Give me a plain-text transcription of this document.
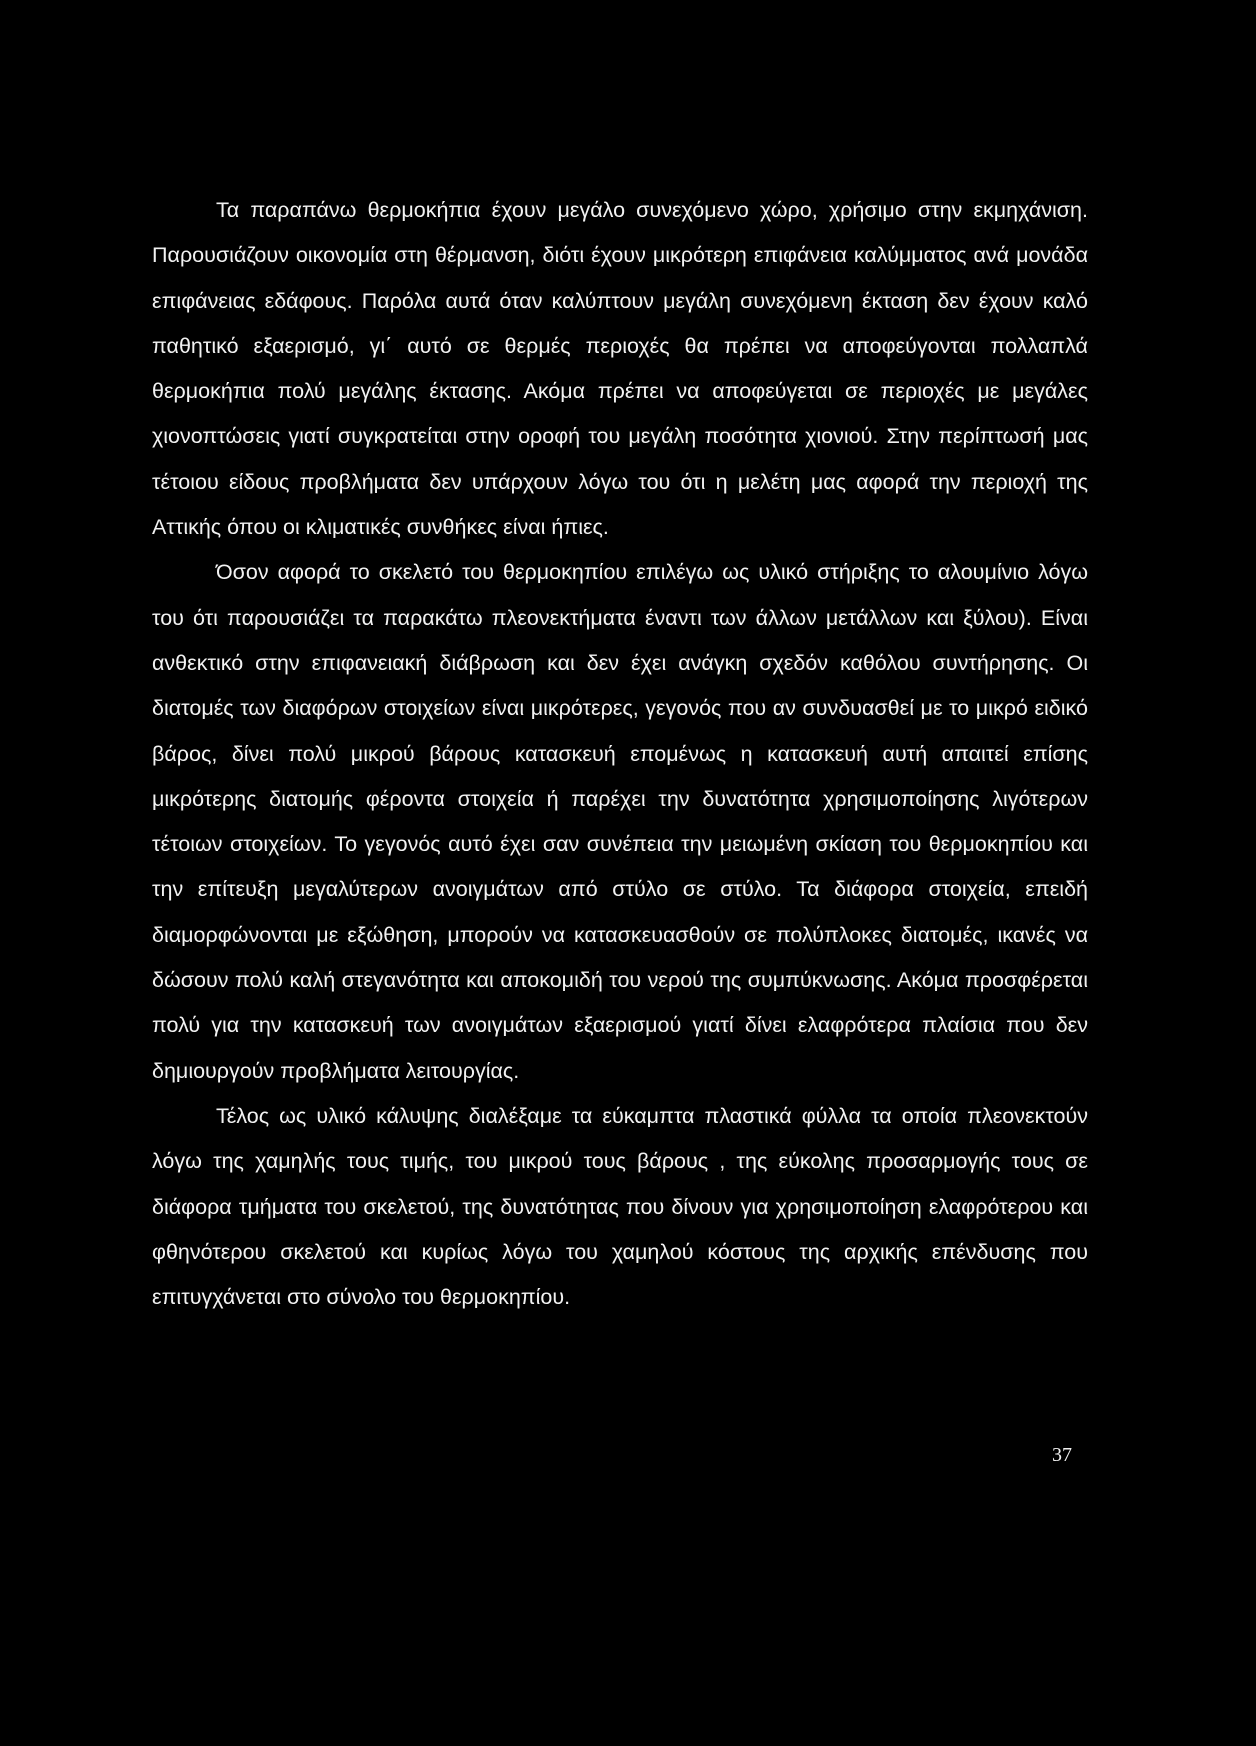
Τα παραπάνω θερμοκήπια έχουν μεγάλο συνεχόμενο χώρο, χρήσιμο στην εκμηχάνιση. Παρουσιάζουν οικονομία στη θέρμανση, διότι έχουν μικρότερη επιφάνεια καλύμματος ανά μονάδα επιφάνειας εδάφους. Παρόλα αυτά όταν καλύπτουν μεγάλη συνεχόμενη έκταση δεν έχουν καλό παθητικό εξαερισμό, γι΄ αυτό σε θερμές περιοχές θα πρέπει να αποφεύγονται πολλαπλά θερμοκήπια πολύ μεγάλης έκτασης. Ακόμα πρέπει να αποφεύγεται σε περιοχές με μεγάλες χιονοπτώσεις γιατί συγκρατείται στην οροφή του μεγάλη ποσότητα χιονιού. Στην περίπτωσή μας τέτοιου είδους προβλήματα δεν υπάρχουν λόγω του ότι η μελέτη μας αφορά την περιοχή της Αττικής όπου οι κλιματικές συνθήκες είναι ήπιες.

Όσον αφορά το σκελετό του θερμοκηπίου επιλέγω ως υλικό στήριξης το αλουμίνιο λόγω του ότι παρουσιάζει τα παρακάτω πλεονεκτήματα έναντι των άλλων μετάλλων και ξύλου). Είναι ανθεκτικό στην επιφανειακή διάβρωση και δεν έχει ανάγκη σχεδόν καθόλου συντήρησης. Οι διατομές των διαφόρων στοιχείων είναι μικρότερες, γεγονός που αν συνδυασθεί με το μικρό ειδικό βάρος, δίνει πολύ μικρού βάρους κατασκευή επομένως η κατασκευή αυτή απαιτεί επίσης μικρότερης διατομής φέροντα στοιχεία ή παρέχει την δυνατότητα χρησιμοποίησης λιγότερων τέτοιων στοιχείων. Το γεγονός αυτό έχει σαν συνέπεια την μειωμένη σκίαση του θερμοκηπίου και την επίτευξη μεγαλύτερων ανοιγμάτων από στύλο σε στύλο. Τα διάφορα στοιχεία, επειδή διαμορφώνονται με εξώθηση, μπορούν να κατασκευασθούν σε πολύπλοκες διατομές, ικανές να δώσουν πολύ καλή στεγανότητα και αποκομιδή του νερού της συμπύκνωσης. Ακόμα προσφέρεται πολύ για την κατασκευή των ανοιγμάτων εξαερισμού γιατί δίνει ελαφρότερα πλαίσια που δεν δημιουργούν προβλήματα λειτουργίας.

Τέλος ως υλικό κάλυψης διαλέξαμε τα εύκαμπτα πλαστικά φύλλα τα οποία πλεονεκτούν λόγω της χαμηλής τους τιμής, του μικρού τους βάρους , της εύκολης προσαρμογής τους σε διάφορα τμήματα του σκελετού, της δυνατότητας που δίνουν για χρησιμοποίηση ελαφρότερου και φθηνότερου σκελετού και κυρίως λόγω του χαμηλού κόστους της αρχικής επένδυσης που επιτυγχάνεται στο σύνολο του θερμοκηπίου.

37
